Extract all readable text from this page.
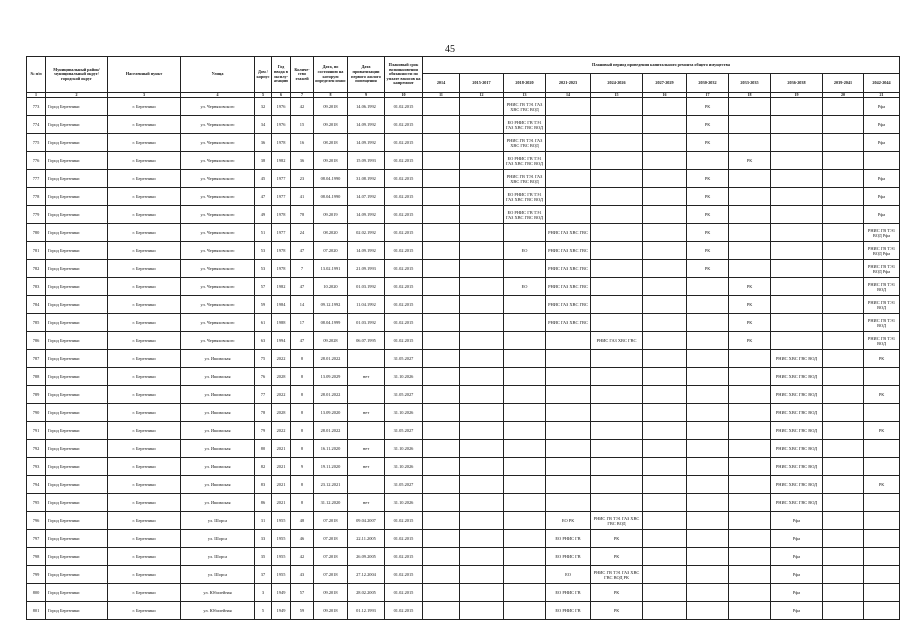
45
№ п/п	Муниципальный район/ муниципальный округ/городской округ	Населенный пункт	Улица	Дом / корпус	Год ввода в эксплу-атацию	Количе-ство этажей	Дата, по состоянию на которую определен износ	Дата приватизации первого жилого помещения	Плановый срок возникновения обязанности по уплате взносов на капремонт	Плановый период проведения капитального ремонта общего имущества										
										2014	2015-2017	2018-2020	2021-2023	2024-2026	2027-2029	2030-2032	2033-2035	2036-2038	2039-2041	2042-2044
1	2	3	4	5	6	7	8	9	10	11	12	13	14	15	16	17	18	19	20	21
773	Город Березники	г. Березники	ул. Черняховского	32	1976	42	09.2018	14.06.1992	01.02.2015			РНИС ГВ ТЭ1 ГАЗ ХВС ГВС ВОД				РК				Рфа
774	Город Березники	г. Березники	ул. Черняховского	34	1976	15	09.2018	14.09.1992	01.02.2015			ЕО РНИС ГВ ТЭ1 ГАЗ ХВС ГВС ВОД				РК				Рфа
775	Город Березники	г. Березники	ул. Черняховского	36	1978	16	08.2018	14.09.1992	01.02.2015			РНИС ГВ ТЭ1 ГАЗ ХВС ГВС ВОД				РК				Рфа
776	Город Березники	г. Березники	ул. Черняховского	38	1982	36	09.2018	15.09.1993	01.02.2015			ЕО РНИС ГВ ТЭ1 ГАЗ ХВС ГВС ВОД					РК			
777	Город Березники	г. Березники	ул. Черняховского	45	1977	23	08.04.1990	31.08.1992	01.02.2015			РНИС ГВ ТЭ1 ГАЗ ХВС ГВС ВОД				РК				Рфа
778	Город Березники	г. Березники	ул. Черняховского	47	1977	41	08.04.1990	14.07.1992	01.02.2015			ЕО РНИС ГВ ТЭ1 ГАЗ ХВС ГВС ВОД				РК				Рфа
779	Город Березники	г. Березники	ул. Черняховского	49	1978	78	09.2019	14.09.1992	01.02.2015			ЕО РНИС ГВ ТЭ1 ГАЗ ХВС ГВС ВОД				РК				Рфа
780	Город Березники	г. Березники	ул. Черняховского	51	1977	24	08.2020	02.02.1992	01.02.2015				РНИС ГАЗ ХВС ГВС			РК				РНИС ГВ ТЭ1 ВОД Рфа
781	Город Березники	г. Березники	ул. Черняховского	53	1978	47	07.2020	14.09.1992	01.02.2015			ЕО	РНИС ГАЗ ХВС ГВС			РК				РНИС ГВ ТЭ1 ВОД Рфа
782	Город Березники	г. Березники	ул. Черняховского	53	1978	7	13.02.1991	21.09.1993	01.02.2015				РНИС ГАЗ ХВС ГВС			РК				РНИС ГВ ТЭ1 ВОД Рфа
783	Город Березники	г. Березники	ул. Черняховского	57	1982	47	10.2020	01.03.1992	01.02.2015			ЕО	РНИС ГАЗ ХВС ГВС				РК			РНИС ГВ ТЭ1 ВОД
784	Город Березники	г. Березники	ул. Черняховского	59	1984	14	09.12.1992	11.04.1992	01.02.2015				РНИС ГАЗ ХВС ГВС				РК			РНИС ГВ ТЭ1 ВОД
785	Город Березники	г. Березники	ул. Черняховского	61	1988	17	08.04.1999	01.03.1992	01.02.2015				РНИС ГАЗ ХВС ГВС				РК			РНИС ГВ ТЭ1 ВОД
786	Город Березники	г. Березники	ул. Черняховского	63	1994	47	09.2028	06.07.1995	01.02.2015					РНИС ГАЗ ХВС ГВС			РК			РНИС ГВ ТЭ1 ВОД
787	Город Березники	г. Березники	ул. Ишимская	75	2022	8	28.01.2022		31.05.2027									РНИС ХВС ГВС ВОД		РК
788	Город Березники	г. Березники	ул. Ишимская	76	2028	8	13.09.2029	нет	31.10.2026									РНИС ХВС ГВС ВОД		
789	Город Березники	г. Березники	ул. Ишимская	77	2022	8	28.01.2022		31.05.2027									РНИС ХВС ГВС ВОД		РК
790	Город Березники	г. Березники	ул. Ишимская	78	2028	8	13.09.2020	нет	31.10.2026									РНИС ХВС ГВС ВОД		
791	Город Березники	г. Березники	ул. Ишимская	79	2022	8	28.01.2022		31.05.2027									РНИС ХВС ГВС ВОД		РК
792	Город Березники	г. Березники	ул. Ишимская	80	2021	8	16.11.2020	нет	31.10.2026									РНИС ХВС ГВС ВОД		
793	Город Березники	г. Березники	ул. Ишимская	82	2021	9	19.11.2020	нет	31.10.2026									РНИС ХВС ГВС ВОД		
794	Город Березники	г. Березники	ул. Ишимская	83	2021	8	23.12.2021		31.05.2027									РНИС ХВС ГВС ВОД		РК
795	Город Березники	г. Березники	ул. Ишимская	86	2021	8	31.12.2020	нет	31.10.2026									РНИС ХВС ГВС ВОД		
796	Город Березники	г. Березники	ул. Шорса	31	1955	48	07.2018	09.04.2007	01.02.2015				ЕО РК	РНИС ГВ ТЭ1 ГАЗ ХВС ГВС ВОД				Рфа		
797	Город Березники	г. Березники	ул. Шорса	33	1955	46	07.2018	22.11.2005	01.02.2015				ЕО РНИС ГВ	РК				Рфа		
798	Город Березники	г. Березники	ул. Шорса	35	1955	42	07.2018	26.09.2005	01.02.2015				ЕО РНИС ГВ	РК				Рфа		
799	Город Березники	г. Березники	ул. Шорса	37	1955	43	07.2018	27.12.2004	01.02.2015				ЕО	РНИС ГВ ТЭ1 ГАЗ ХВС ГВС ВОД РК				Рфа		
800	Город Березники	г. Березники	ул. Юбилейная	3	1949	57	09.2018	28.02.2005	01.02.2015				ЕО РНИС ГВ	РК				Рфа		
801	Город Березники	г. Березники	ул. Юбилейная	5	1949	59	09.2018	01.12.1993	01.02.2015				ЕО РНИС ГВ	РК				Рфа		
